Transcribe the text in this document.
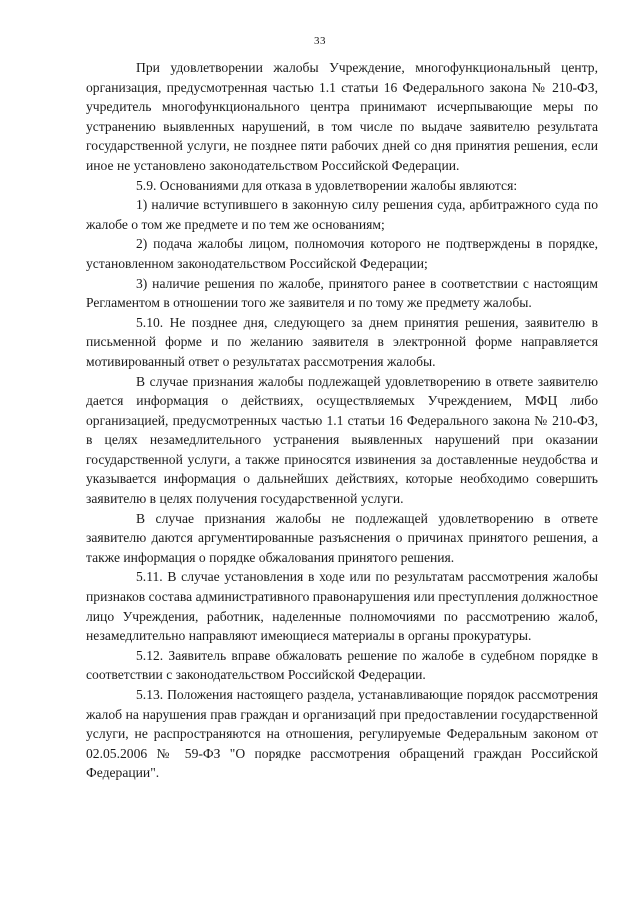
33

При удовлетворении жалобы Учреждение, многофункциональный центр, организация, предусмотренная частью 1.1 статьи 16 Федерального закона № 210-ФЗ, учредитель многофункционального центра принимают исчерпывающие меры по устранению выявленных нарушений, в том числе по выдаче заявителю результата государственной услуги, не позднее пяти рабочих дней со дня принятия решения, если иное не установлено законодательством Российской Федерации.

5.9. Основаниями для отказа в удовлетворении жалобы являются:

1) наличие вступившего в законную силу решения суда, арбитражного суда по жалобе о том же предмете и по тем же основаниям;

2) подача жалобы лицом, полномочия которого не подтверждены в порядке, установленном законодательством Российской Федерации;

3) наличие решения по жалобе, принятого ранее в соответствии с настоящим Регламентом в отношении того же заявителя и по тому же предмету жалобы.

5.10. Не позднее дня, следующего за днем принятия решения, заявителю в письменной форме и по желанию заявителя в электронной форме направляется мотивированный ответ о результатах рассмотрения жалобы.

В случае признания жалобы подлежащей удовлетворению в ответе заявителю дается информация о действиях, осуществляемых Учреждением, МФЦ либо организацией, предусмотренных частью 1.1 статьи 16 Федерального закона № 210-ФЗ, в целях незамедлительного устранения выявленных нарушений при оказании государственной услуги, а также приносятся извинения за доставленные неудобства и указывается информация о дальнейших действиях, которые необходимо совершить заявителю в целях получения государственной услуги.

В случае признания жалобы не подлежащей удовлетворению в ответе заявителю даются аргументированные разъяснения о причинах принятого решения, а также информация о порядке обжалования принятого решения.

5.11. В случае установления в ходе или по результатам рассмотрения жалобы признаков состава административного правонарушения или преступления должностное лицо Учреждения, работник, наделенные полномочиями по рассмотрению жалоб, незамедлительно направляют имеющиеся материалы в органы прокуратуры.

5.12. Заявитель вправе обжаловать решение по жалобе в судебном порядке в соответствии с законодательством Российской Федерации.

5.13. Положения настоящего раздела, устанавливающие порядок рассмотрения жалоб на нарушения прав граждан и организаций при предоставлении государственной услуги, не распространяются на отношения, регулируемые Федеральным законом от 02.05.2006 № 59-ФЗ "О порядке рассмотрения обращений граждан Российской Федерации".
